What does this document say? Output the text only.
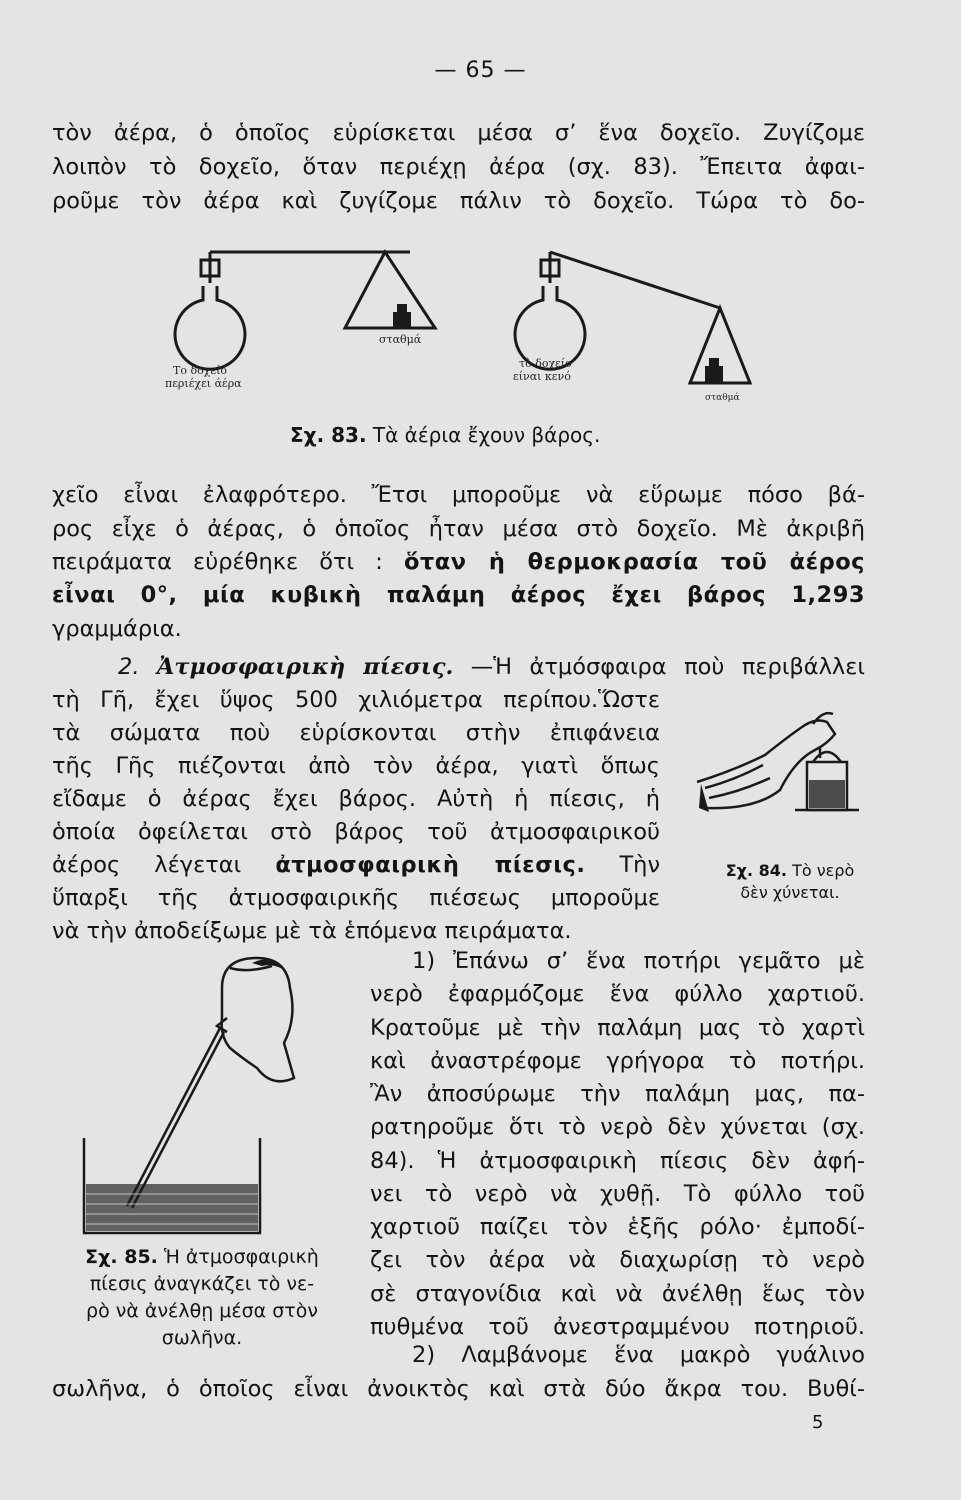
— 65 —
τὸν ἀέρα, ὁ ὁποῖος εὑρίσκεται μέσα σ’ ἕνα δοχεῖο. Ζυγίζομε
λοιπὸν τὸ δοχεῖο, ὅταν περιέχῃ ἀέρα (σχ. 83). Ἔπειτα ἀφαι-
ροῦμε τὸν ἀέρα καὶ ζυγίζομε πάλιν τὸ δοχεῖο. Τώρα τὸ δο-
σταθμά
Το δοχείο
περιέχει άέρα
τὸ δοχείο
είναι κενό
σταθμά
Σχ. 83. Τὰ ἀέρια ἔχουν βάρος.
χεῖο εἶναι ἐλαφρότερο. Ἔτσι μποροῦμε νὰ εὕρωμε πόσο βά-
ρος εἶχε ὁ ἀέρας, ὁ ὁποῖος ἦταν μέσα στὸ δοχεῖο. Μὲ ἀκριβῆ
πειράματα εὑρέθηκε ὅτι : ὅταν ἡ θερμοκρασία τοῦ ἀέρος
εἶναι 0°, μία κυβικὴ παλάμη ἀέρος ἔχει βάρος 1,293
γραμμάρια.
2. Ἀτμοσφαιρικὴ πίεσις. —Ἡ ἀτμόσφαιρα ποὺ περιβάλλει
τὴ Γῆ, ἔχει ὕψος 500 χιλιόμετρα περίπου.Ὥστε
τὰ σώματα ποὺ εὑρίσκονται στὴν ἐπιφάνεια
τῆς Γῆς πιέζονται ἀπὸ τὸν ἀέρα, γιατὶ ὅπως
εἴδαμε ὁ ἀέρας ἔχει βάρος. Αὐτὴ ἡ πίεσις, ἡ
ὁποία ὀφείλεται στὸ βάρος τοῦ ἀτμοσφαιρικοῦ
ἀέρος λέγεται ἀτμοσφαιρικὴ πίεσις. Τὴν
ὕπαρξι τῆς ἀτμοσφαιρικῆς πιέσεως μποροῦμε
νὰ τὴν ἀποδείξωμε μὲ τὰ ἑπόμενα πειράματα.
Σχ. 84. Τὸ νερὸ
δὲν χύνεται.
1) Ἐπάνω σ’ ἕνα ποτήρι γεμᾶτο μὲ
νερὸ ἐφαρμόζομε ἕνα φύλλο χαρτιοῦ.
Κρατοῦμε μὲ τὴν παλάμη μας τὸ χαρτὶ
καὶ ἀναστρέφομε γρήγορα τὸ ποτήρι.
Ἂν ἀποσύρωμε τὴν παλάμη μας, πα-
ρατηροῦμε ὅτι τὸ νερὸ δὲν χύνεται (σχ.
84). Ἡ ἀτμοσφαιρικὴ πίεσις δὲν ἀφή-
νει τὸ νερὸ νὰ χυθῇ. Τὸ φύλλο τοῦ
χαρτιοῦ παίζει τὸν ἑξῆς ρόλο· ἐμποδί-
ζει τὸν ἀέρα νὰ διαχωρίσῃ τὸ νερὸ
σὲ σταγονίδια καὶ νὰ ἀνέλθῃ ἕως τὸν
πυθμένα τοῦ ἀνεστραμμένου ποτηριοῦ.
Σχ. 85. Ἡ ἀτμοσφαιρικὴ
πίεσις ἀναγκάζει τὸ νε-
ρὸ νὰ ἀνέλθῃ μέσα στὸν
σωλῆνα.
2) Λαμβάνομε ἕνα μακρὸ γυάλινο
σωλῆνα, ὁ ὁποῖος εἶναι ἀνοικτὸς καὶ στὰ δύο ἄκρα του. Βυθί-
5
